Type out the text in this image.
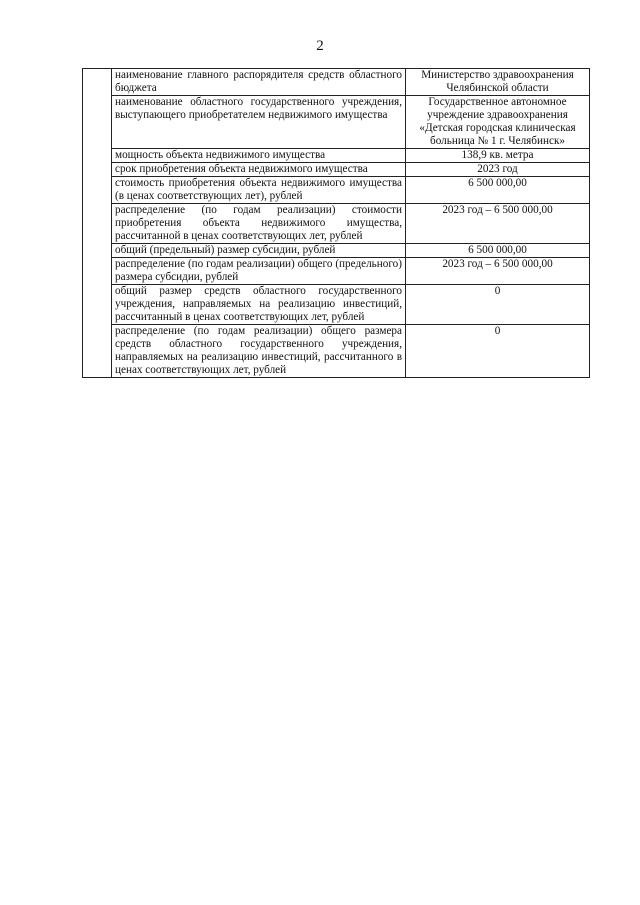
2
	наименование главного распорядителя средств областного бюджета	Министерство здравоохранения Челябинской области
	наименование областного государственного учреждения, выступающего приобретателем недвижимого имущества	Государственное автономное учреждение здравоохранения «Детская городская клиническая больница № 1 г. Челябинск»
	мощность объекта недвижимого имущества	138,9 кв. метра
	срок приобретения объекта недвижимого имущества	2023 год
	стоимость приобретения объекта недвижимого имущества (в ценах соответствующих лет), рублей	6 500 000,00
	распределение (по годам реализации) стоимости приобретения объекта недвижимого имущества, рассчитанной в ценах соответствующих лет, рублей	2023 год – 6 500 000,00
	общий (предельный) размер субсидии, рублей	6 500 000,00
	распределение (по годам реализации) общего (предельного) размера субсидии, рублей	2023 год – 6 500 000,00
	общий размер средств областного государственного учреждения, направляемых на реализацию инвестиций, рассчитанный в ценах соответствующих лет, рублей	0
	распределение (по годам реализации) общего размера средств областного государственного учреждения, направляемых на реализацию инвестиций, рассчитанного в ценах соответствующих лет, рублей	0
